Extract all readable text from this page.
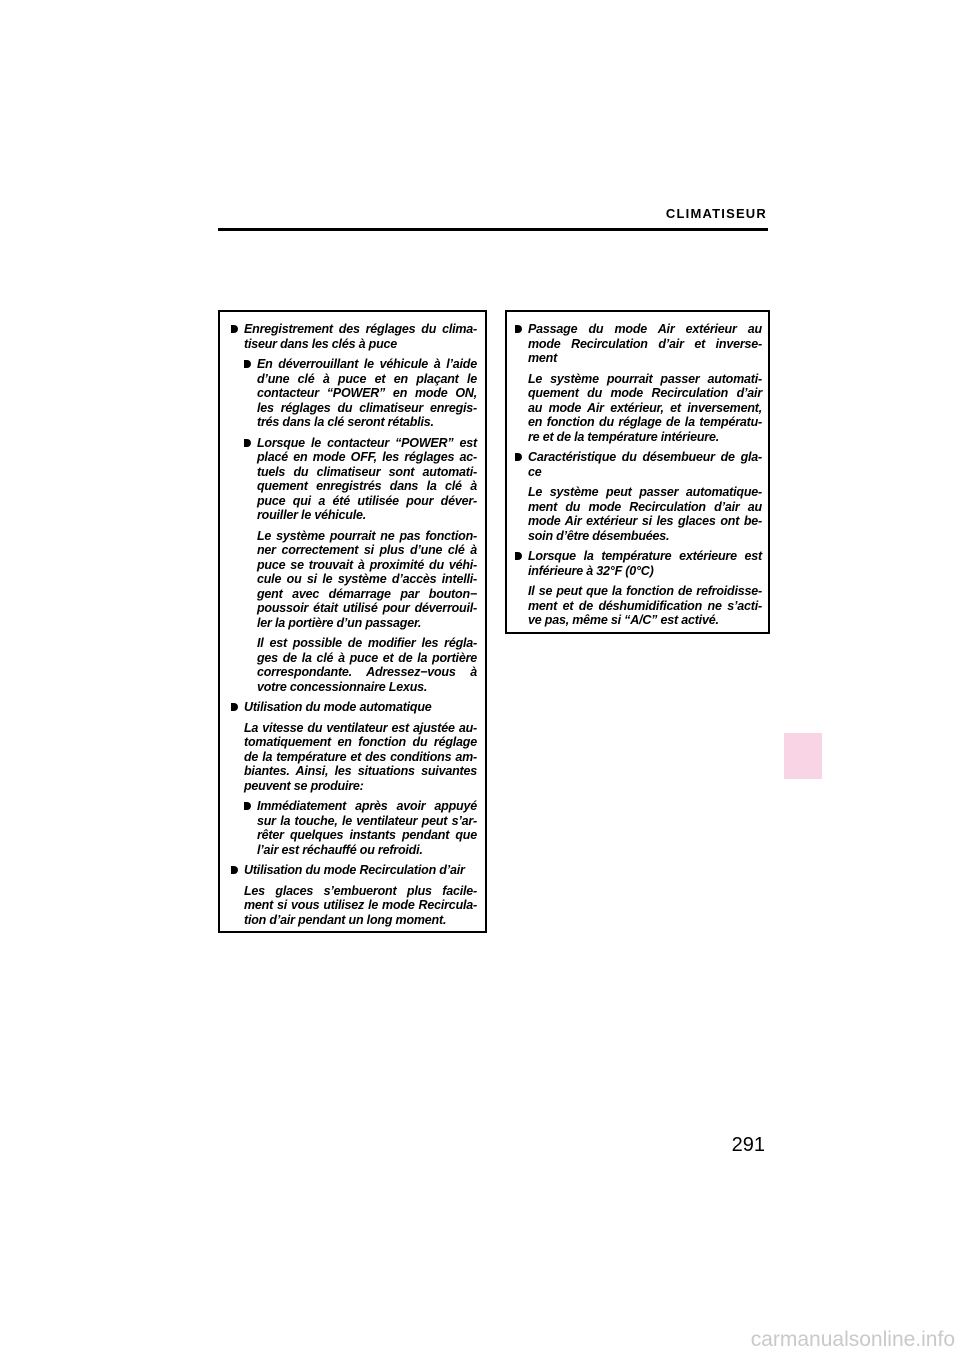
CLIMATISEUR
Enregistrement des réglages du clima-
tiseur dans les clés à puce
En déverrouillant le véhicule à l’aide
d’une clé à puce et en plaçant le
contacteur “POWER” en mode ON,
les réglages du climatiseur enregis-
trés dans la clé seront rétablis.
Lorsque le contacteur “POWER” est
placé en mode OFF, les réglages ac-
tuels du climatiseur sont automati-
quement enregistrés dans la clé à
puce qui a été utilisée pour déver-
rouiller le véhicule.
Le système pourrait ne pas fonction-
ner correctement si plus d’une clé à
puce se trouvait à proximité du véhi-
cule ou si le système d’accès intelli-
gent avec démarrage par bouton−
poussoir était utilisé pour déverrouil-
ler la portière d’un passager.
Il est possible de modifier les régla-
ges de la clé à puce et de la portière
correspondante. Adressez−vous à
votre concessionnaire Lexus.
Utilisation du mode automatique
La vitesse du ventilateur est ajustée au-
tomatiquement en fonction du réglage
de la température et des conditions am-
biantes. Ainsi, les situations suivantes
peuvent se produire:
Immédiatement après avoir appuyé
sur la touche, le ventilateur peut s’ar-
rêter quelques instants pendant que
l’air est réchauffé ou refroidi.
Utilisation du mode Recirculation d’air
Les glaces s’embueront plus facile-
ment si vous utilisez le mode Recircula-
tion d’air pendant un long moment.
Passage du mode Air extérieur au
mode Recirculation d’air et inverse-
ment
Le système pourrait passer automati-
quement du mode Recirculation d’air
au mode Air extérieur, et inversement,
en fonction du réglage de la températu-
re et de la température intérieure.
Caractéristique du désembueur de gla-
ce
Le système peut passer automatique-
ment du mode Recirculation d’air au
mode Air extérieur si les glaces ont be-
soin d’être désembuées.
Lorsque la température extérieure est
inférieure à 32°F (0°C)
Il se peut que la fonction de refroidisse-
ment et de déshumidification ne s’acti-
ve pas, même si “A/C” est activé.
291
carmanualsonline.info
